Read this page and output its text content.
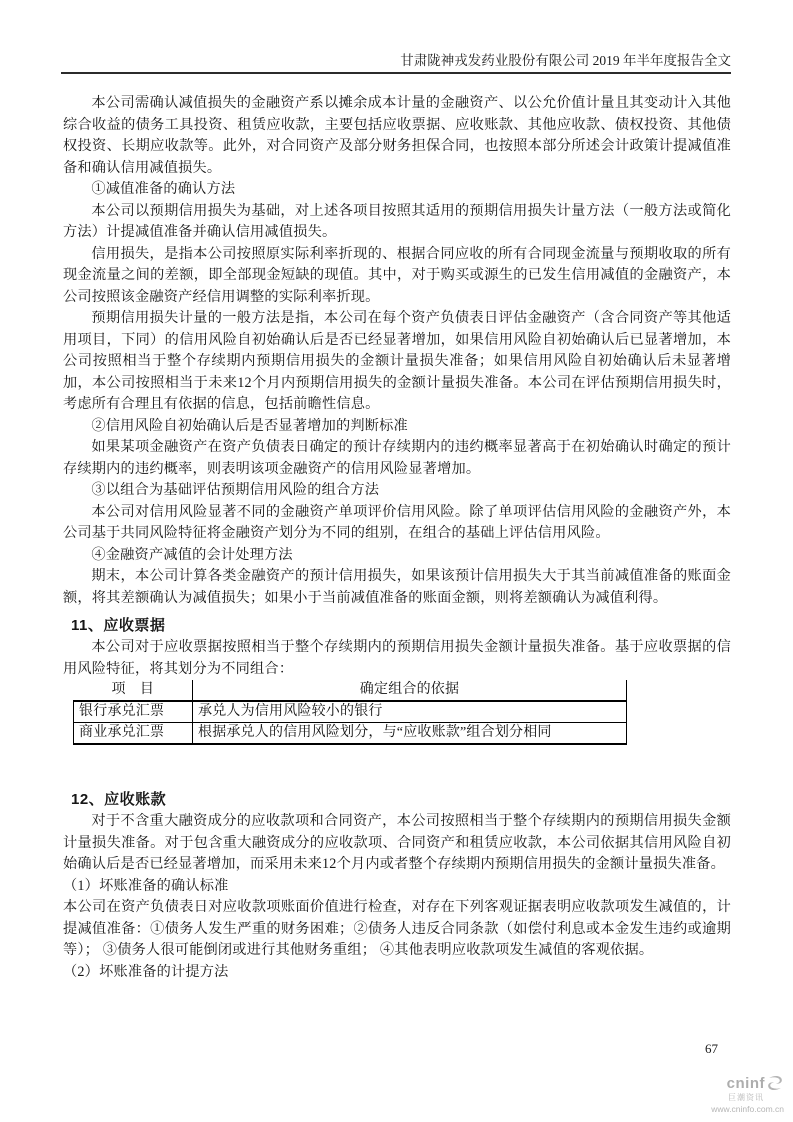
甘肃陇神戎发药业股份有限公司 2019 年半年度报告全文

本公司需确认减值损失的金融资产系以摊余成本计量的金融资产、以公允价值计量且其变动计入其他综合收益的债务工具投资、租赁应收款，主要包括应收票据、应收账款、其他应收款、债权投资、其他债权投资、长期应收款等。此外，对合同资产及部分财务担保合同，也按照本部分所述会计政策计提减值准备和确认信用减值损失。

①减值准备的确认方法

本公司以预期信用损失为基础，对上述各项目按照其适用的预期信用损失计量方法（一般方法或简化方法）计提减值准备并确认信用减值损失。

信用损失，是指本公司按照原实际利率折现的、根据合同应收的所有合同现金流量与预期收取的所有现金流量之间的差额，即全部现金短缺的现值。其中，对于购买或源生的已发生信用减值的金融资产，本公司按照该金融资产经信用调整的实际利率折现。

预期信用损失计量的一般方法是指，本公司在每个资产负债表日评估金融资产（含合同资产等其他适用项目，下同）的信用风险自初始确认后是否已经显著增加，如果信用风险自初始确认后已显著增加，本公司按照相当于整个存续期内预期信用损失的金额计量损失准备；如果信用风险自初始确认后未显著增加，本公司按照相当于未来12个月内预期信用损失的金额计量损失准备。本公司在评估预期信用损失时，考虑所有合理且有依据的信息，包括前瞻性信息。

②信用风险自初始确认后是否显著增加的判断标准

如果某项金融资产在资产负债表日确定的预计存续期内的违约概率显著高于在初始确认时确定的预计存续期内的违约概率，则表明该项金融资产的信用风险显著增加。

③以组合为基础评估预期信用风险的组合方法

本公司对信用风险显著不同的金融资产单项评价信用风险。除了单项评估信用风险的金融资产外，本公司基于共同风险特征将金融资产划分为不同的组别，在组合的基础上评估信用风险。

④金融资产减值的会计处理方法

期末，本公司计算各类金融资产的预计信用损失，如果该预计信用损失大于其当前减值准备的账面金额，将其差额确认为减值损失；如果小于当前减值准备的账面金额，则将差额确认为减值利得。

11、应收票据

本公司对于应收票据按照相当于整个存续期内的预期信用损失金额计量损失准备。基于应收票据的信用风险特征，将其划分为不同组合：

项　目	确定组合的依据
银行承兑汇票	承兑人为信用风险较小的银行
商业承兑汇票	根据承兑人的信用风险划分，与“应收账款”组合划分相同
12、应收账款

对于不含重大融资成分的应收款项和合同资产，本公司按照相当于整个存续期内的预期信用损失金额计量损失准备。对于包含重大融资成分的应收款项、合同资产和租赁应收款，本公司依据其信用风险自初始确认后是否已经显著增加，而采用未来12个月内或者整个存续期内预期信用损失的金额计量损失准备。

（1）坏账准备的确认标准

本公司在资产负债表日对应收款项账面价值进行检查，对存在下列客观证据表明应收款项发生减值的，计提减值准备：①债务人发生严重的财务困难；②债务人违反合同条款（如偿付利息或本金发生违约或逾期等）； ③债务人很可能倒闭或进行其他财务重组； ④其他表明应收款项发生减值的客观依据。

（2）坏账准备的计提方法

67
cninf
巨潮资讯
www.cninfo.com.cn
